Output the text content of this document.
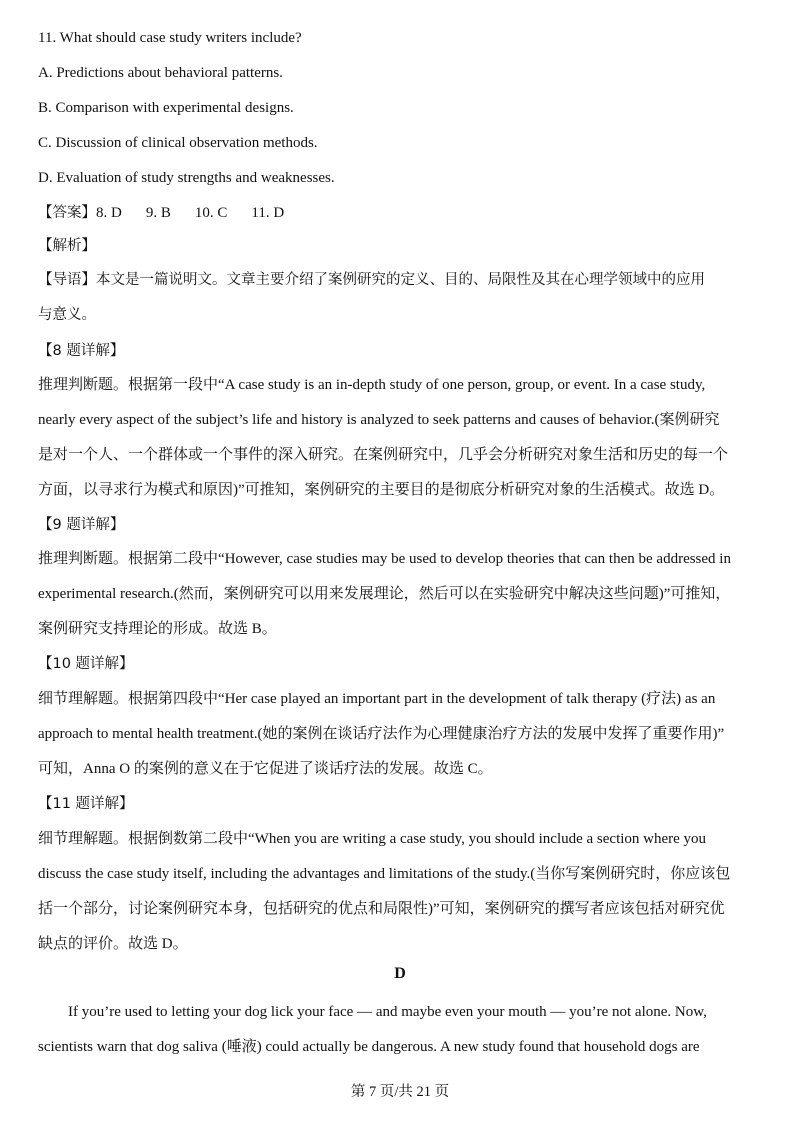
11. What should case study writers include?
A. Predictions about behavioral patterns.
B. Comparison with experimental designs.
C. Discussion of clinical observation methods.
D. Evaluation of study strengths and weaknesses.
【答案】8. D 9. B 10. C 11. D
【解析】
【导语】本文是一篇说明文。文章主要介绍了案例研究的定义、目的、局限性及其在心理学领域中的应用
与意义。
【8 题详解】
推理判断题。根据第一段中“A case study is an in-depth study of one person, group, or event. In a case study,
nearly every aspect of the subject’s life and history is analyzed to seek patterns and causes of behavior.(案例研究
是对一个人、一个群体或一个事件的深入研究。在案例研究中，几乎会分析研究对象生活和历史的每一个
方面，以寻求行为模式和原因)”可推知，案例研究的主要目的是彻底分析研究对象的生活模式。故选 D。
【9 题详解】
推理判断题。根据第二段中“However, case studies may be used to develop theories that can then be addressed in
experimental research.(然而，案例研究可以用来发展理论，然后可以在实验研究中解决这些问题)”可推知，
案例研究支持理论的形成。故选 B。
【10 题详解】
细节理解题。根据第四段中“Her case played an important part in the development of talk therapy (疗法) as an
approach to mental health treatment.(她的案例在谈话疗法作为心理健康治疗方法的发展中发挥了重要作用)”
可知，Anna O 的案例的意义在于它促进了谈话疗法的发展。故选 C。
【11 题详解】
细节理解题。根据倒数第二段中“When you are writing a case study, you should include a section where you
discuss the case study itself, including the advantages and limitations of the study.(当你写案例研究时，你应该包
括一个部分，讨论案例研究本身，包括研究的优点和局限性)”可知，案例研究的撰写者应该包括对研究优
缺点的评价。故选 D。
D
If you’re used to letting your dog lick your face — and maybe even your mouth — you’re not alone. Now,
scientists warn that dog saliva (唾液) could actually be dangerous. A new study found that household dogs are
第 7 页/共 21 页
